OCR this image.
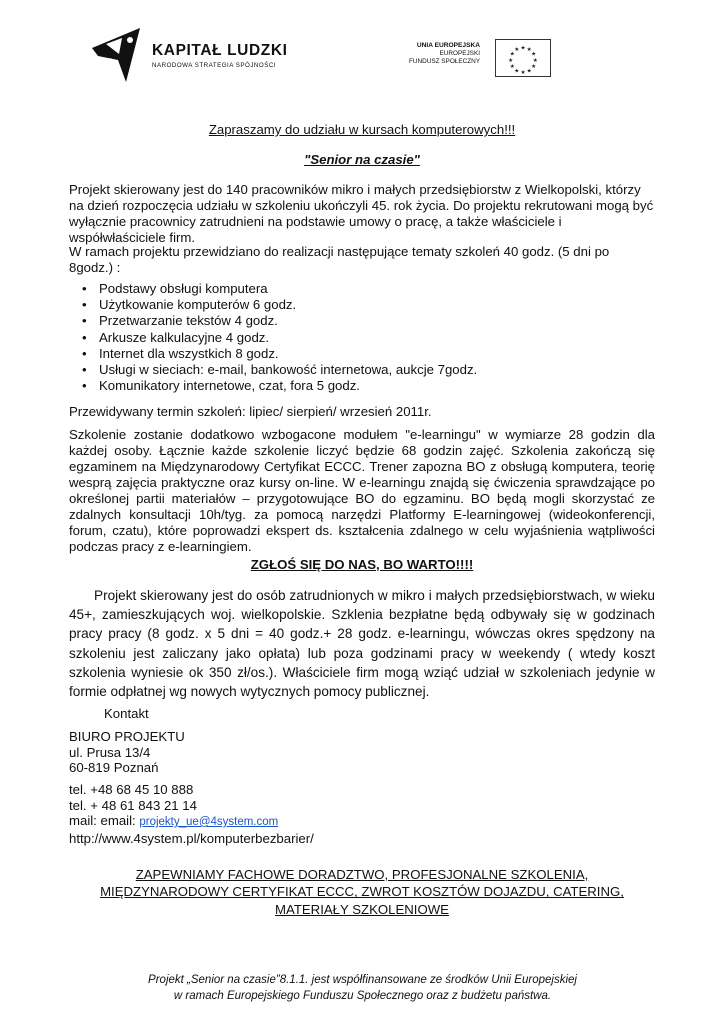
KAPITAŁ LUDZKI
NARODOWA STRATEGIA SPÓJNOŚCI
UNIA EUROPEJSKA
EUROPEJSKI
FUNDUSZ SPOŁECZNY
★ ★
★
★
★
★
★
★
★
★
★
★
Zapraszamy do udziału w kursach komputerowych!!!
"Senior na czasie"

Projekt skierowany jest do 140 pracowników mikro i małych przedsiębiorstw z Wielkopolski, którzy na dzień rozpoczęcia udziału w szkoleniu ukończyli 45. rok życia. Do projektu rekrutowani mogą być wyłącznie pracownicy zatrudnieni na podstawie umowy o pracę, a także właściciele i współwłaściciele firm.

W ramach projektu przewidziano do realizacji następujące tematy szkoleń 40 godz. (5 dni po 8godz.) :

• Podstawy obsługi komputera
• Użytkowanie komputerów 6 godz.
• Przetwarzanie tekstów 4 godz.
• Arkusze kalkulacyjne 4 godz.
• Internet dla wszystkich 8 godz.
• Usługi w sieciach: e-mail, bankowość internetowa, aukcje 7godz.
• Komunikatory internetowe, czat, fora 5 godz.

Przewidywany termin szkoleń: lipiec/ sierpień/ wrzesień 2011r.

Szkolenie zostanie dodatkowo wzbogacone modułem "e-learningu" w wymiarze 28 godzin dla każdej osoby. Łącznie każde szkolenie liczyć będzie 68 godzin zajęć. Szkolenia zakończą się egzaminem na Międzynarodowy Certyfikat ECCC. Trener zapozna BO z obsługą komputera, teorię wesprą zajęcia praktyczne oraz kursy on-line. W e-learningu znajdą się ćwiczenia sprawdzające po określonej partii materiałów – przygotowujące BO do egzaminu. BO będą mogli skorzystać ze zdalnych konsultacji 10h/tyg. za pomocą narzędzi Platformy E-learningowej (wideokonferencji, forum, czatu), które poprowadzi ekspert ds. kształcenia zdalnego w celu wyjaśnienia wątpliwości podczas pracy z e-learningiem.

ZGŁOŚ SIĘ DO NAS, BO WARTO!!!!

Projekt skierowany jest do osób zatrudnionych w mikro i małych przedsiębiorstwach, w wieku 45+, zamieszkujących woj. wielkopolskie. Szklenia bezpłatne będą odbywały się w godzinach pracy pracy (8 godz. x 5 dni = 40 godz.+ 28 godz. e-learningu, wówczas okres spędzony na szkoleniu jest zaliczany jako opłata) lub poza godzinami pracy w weekendy ( wtedy koszt szkolenia wyniesie ok 350 zł/os.). Właściciele firm mogą wziąć udział w szkoleniach jedynie w formie odpłatnej wg nowych wytycznych pomocy publicznej.

Kontakt
BIURO PROJEKTU
ul. Prusa 13/4
60-819 Poznań
tel. +48 68 45 10 888
tel. + 48 61 843 21 14
mail: email: projekty_ue@4system.com
http://www.4system.pl/komputerbezbarier/
ZAPEWNIAMY FACHOWE DORADZTWO, PROFESJONALNE SZKOLENIA,
MIĘDZYNARODOWY CERTYFIKAT ECCC, ZWROT KOSZTÓW DOJAZDU, CATERING,
MATERIAŁY SZKOLENIOWE
Projekt „Senior na czasie”8.1.1. jest współfinansowane ze środków Unii Europejskiej
w ramach Europejskiego Funduszu Społecznego oraz z budżetu państwa.
